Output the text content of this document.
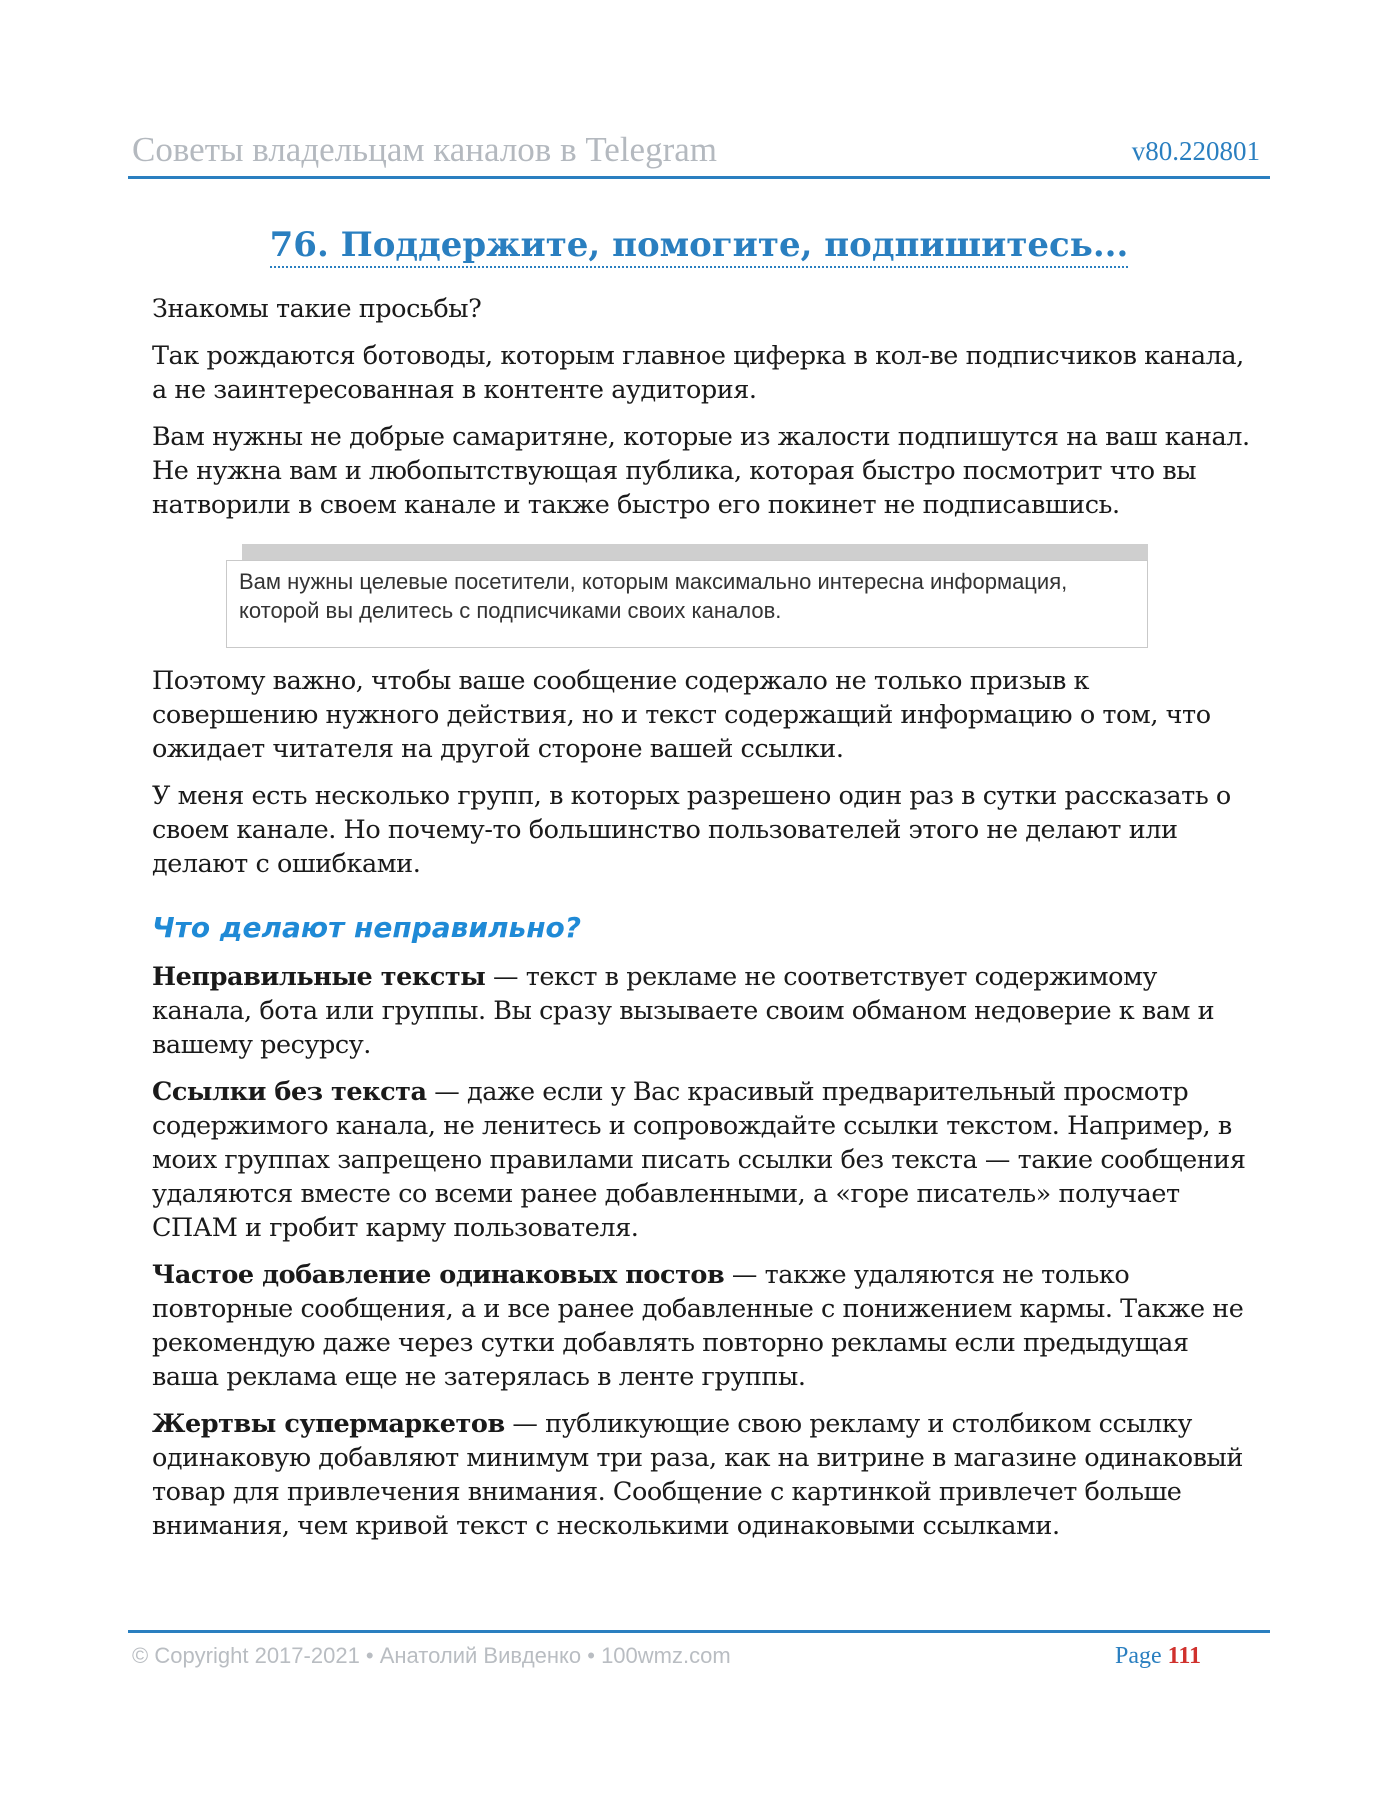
Советы владельцам каналов в Telegram	v80.220801
76. Поддержите, помогите, подпишитесь...

Знакомы такие просьбы?

Так рождаются ботоводы, которым главное циферка в кол-ве подписчиков канала, а не заинтересованная в контенте аудитория.

Вам нужны не добрые самаритяне, которые из жалости подпишутся на ваш канал. Не нужна вам и любопытствующая публика, которая быстро посмотрит что вы натворили в своем канале и также быстро его покинет не подписавшись.

Вам нужны целевые посетители, которым максимально интересна информация, которой вы делитесь с подписчиками своих каналов.

Поэтому важно, чтобы ваше сообщение содержало не только призыв к совершению нужного действия, но и текст содержащий информацию о том, что ожидает читателя на другой стороне вашей ссылки.

У меня есть несколько групп, в которых разрешено один раз в сутки рассказать о своем канале. Но почему-то большинство пользователей этого не делают или делают с ошибками.

Что делают неправильно?

Неправильные тексты — текст в рекламе не соответствует содержимому канала, бота или группы. Вы сразу вызываете своим обманом недоверие к вам и вашему ресурсу.

Ссылки без текста — даже если у Вас красивый предварительный просмотр содержимого канала, не ленитесь и сопровождайте ссылки текстом. Например, в моих группах запрещено правилами писать ссылки без текста — такие сообщения удаляются вместе со всеми ранее добавленными, а «горе писатель» получает СПАМ и гробит карму пользователя.

Частое добавление одинаковых постов — также удаляются не только повторные сообщения, а и все ранее добавленные с понижением кармы. Также не рекомендую даже через сутки добавлять повторно рекламы если предыдущая ваша реклама еще не затерялась в ленте группы.

Жертвы супермаркетов — публикующие свою рекламу и столбиком ссылку одинаковую добавляют минимум три раза, как на витрине в магазине одинаковый товар для привлечения внимания. Сообщение с картинкой привлечет больше внимания, чем кривой текст с несколькими одинаковыми ссылками.

© Copyright 2017-2021 • Анатолий Вивденко • 100wmz.com	Page 111
